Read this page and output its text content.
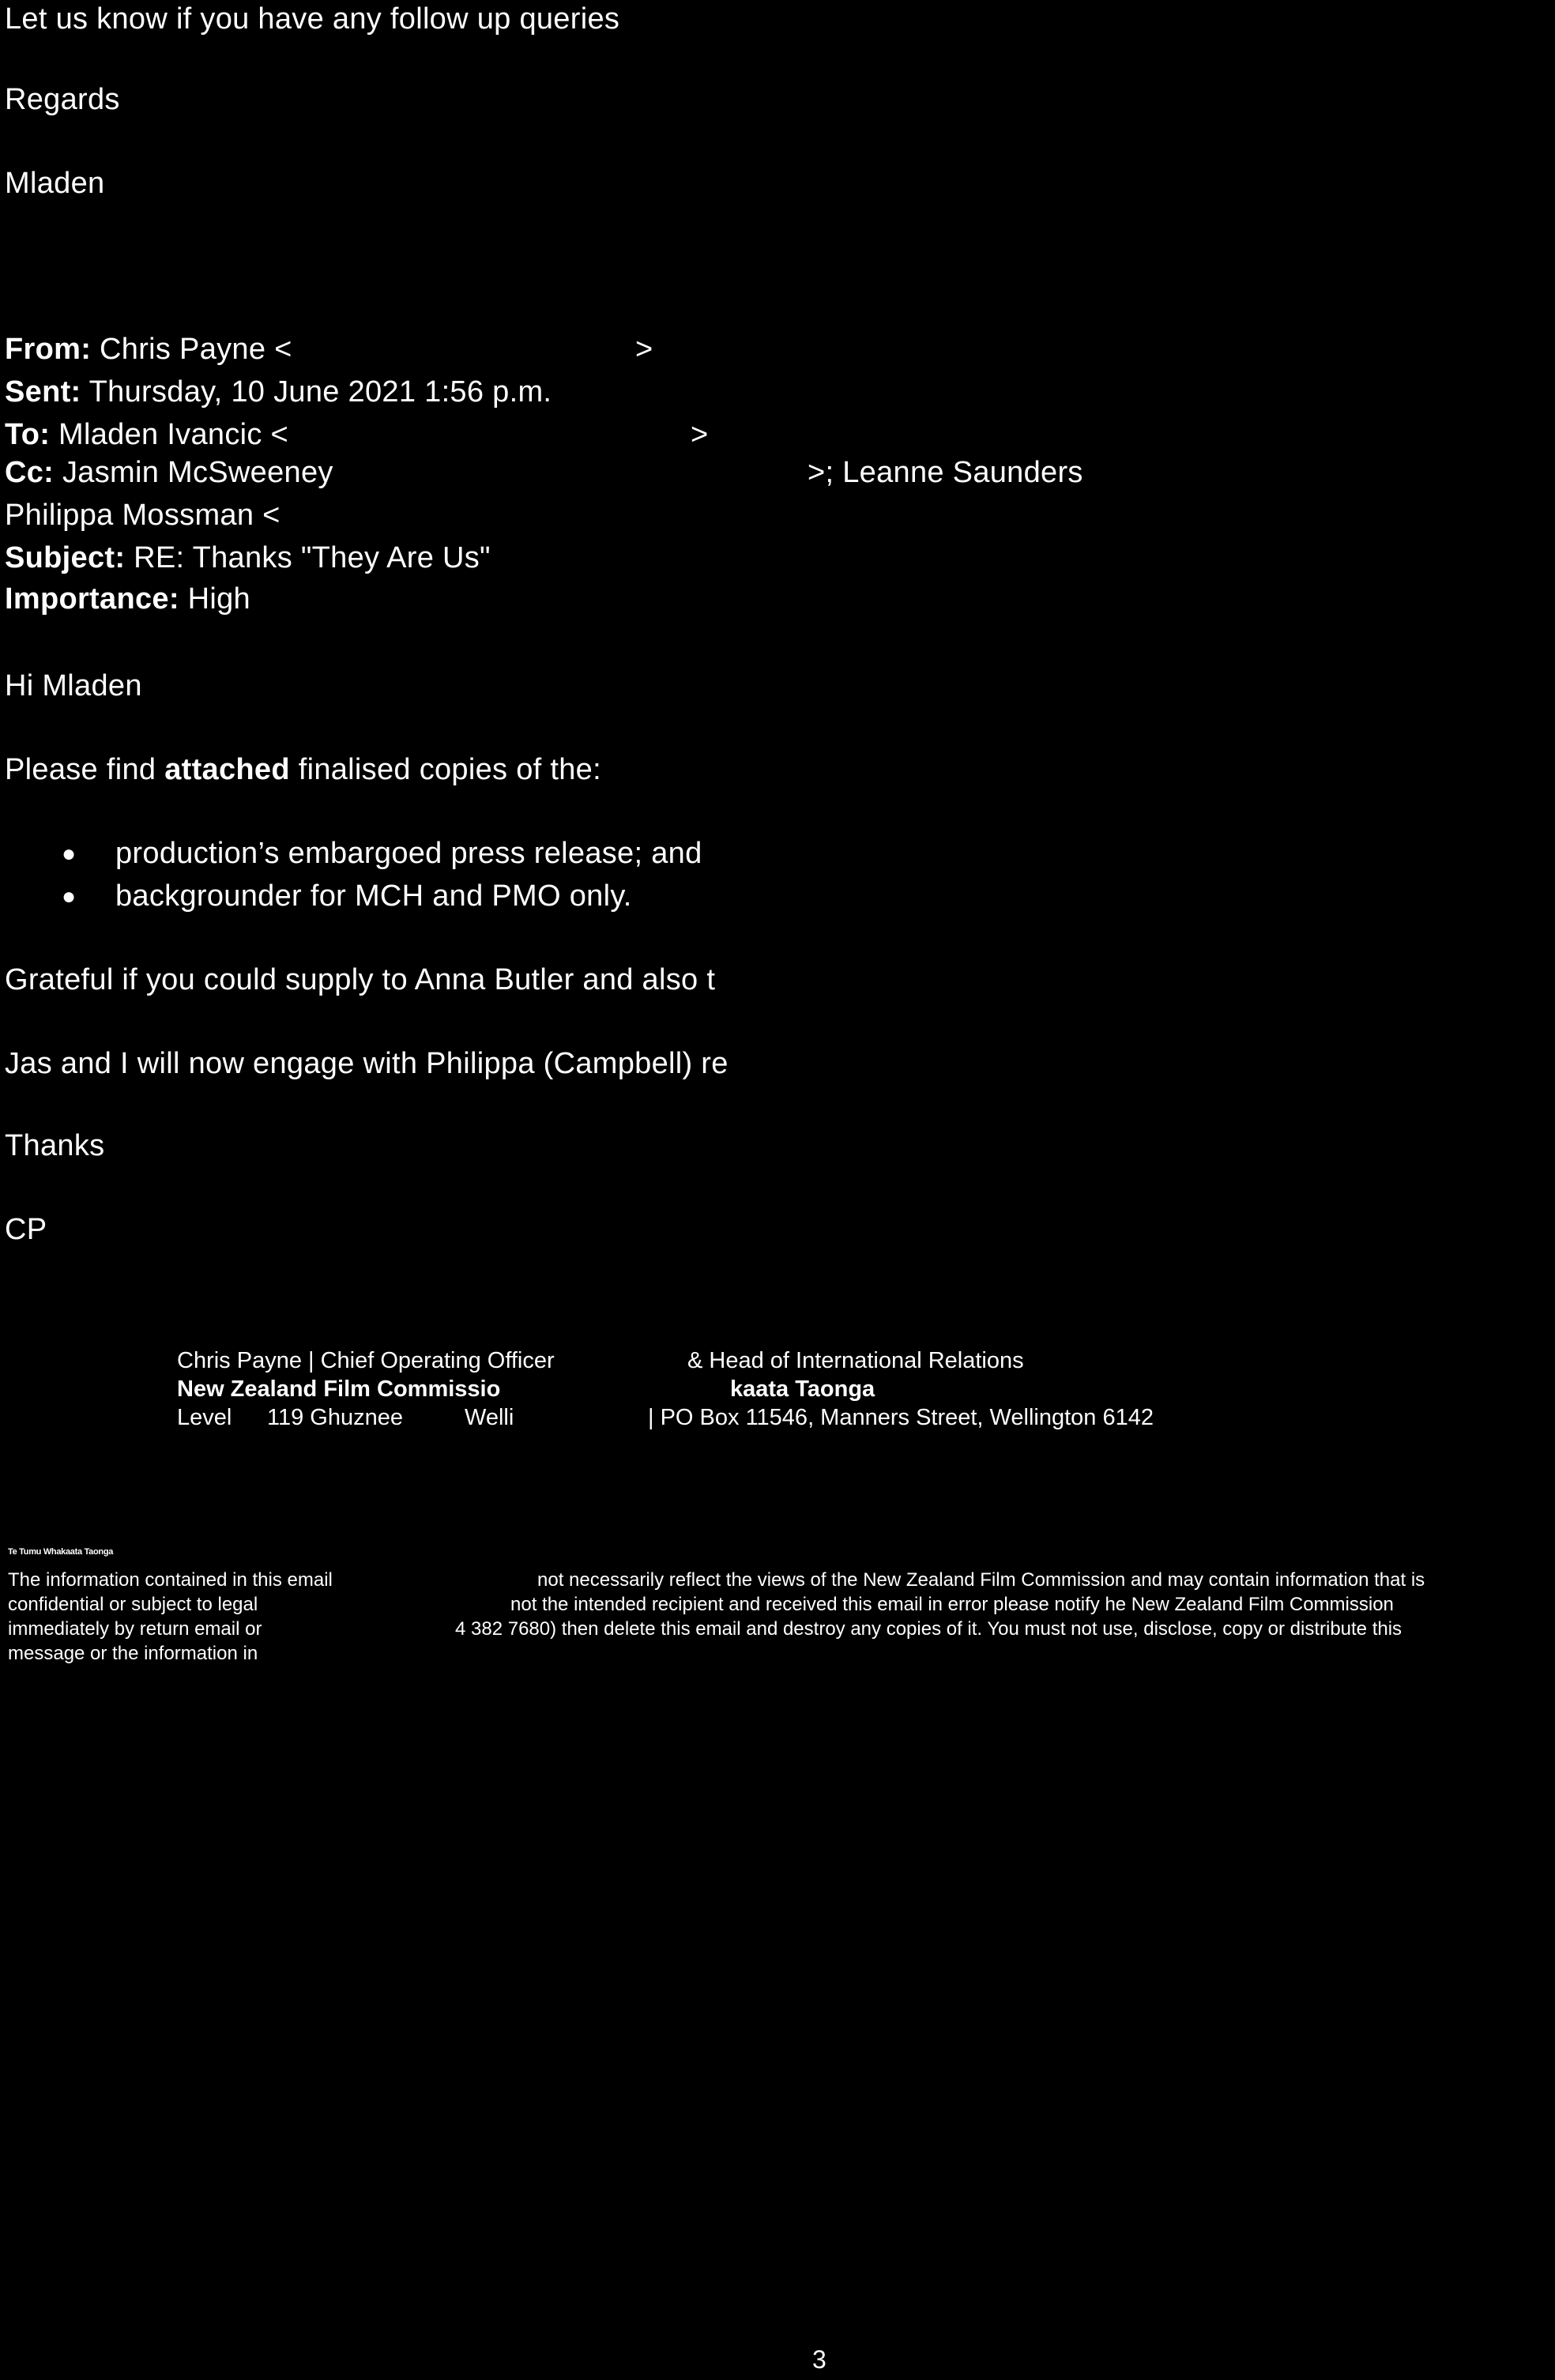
Let us know if you have any follow up queries
Regards
Mladen
From: Chris Payne <	>
Sent: Thursday, 10 June 2021 1:56 p.m.
To: Mladen Ivancic <	>
Cc: Jasmin McSweeney	>; Leanne Saunders
Philippa Mossman <
Subject: RE: Thanks "They Are Us"
Importance: High
Hi Mladen
Please find attached finalised copies of the:
● production’s embargoed press release; and
● backgrounder for MCH and PMO only.
Grateful if you could supply to Anna Butler and also t
Jas and I will now engage with Philippa (Campbell) re
Thanks
CP
Chris Payne | Chief Operating Officer	& Head of International Relations
New Zealand Film Commissio	kaata Taonga
Level 119 Ghuznee	Welli	| PO Box 11546, Manners Street, Wellington 6142
Te Tumu Whakaata Taonga
The information contained in this email	not necessarily reflect the views of the New Zealand Film Commission and may contain information that is
confidential or subject to legal	not the intended recipient and received this email in error please notify he New Zealand Film Commission
immediately by return email or	4 382 7680) then delete this email and destroy any copies of it. You must not use, disclose, copy or distribute this
message or the information in
3
